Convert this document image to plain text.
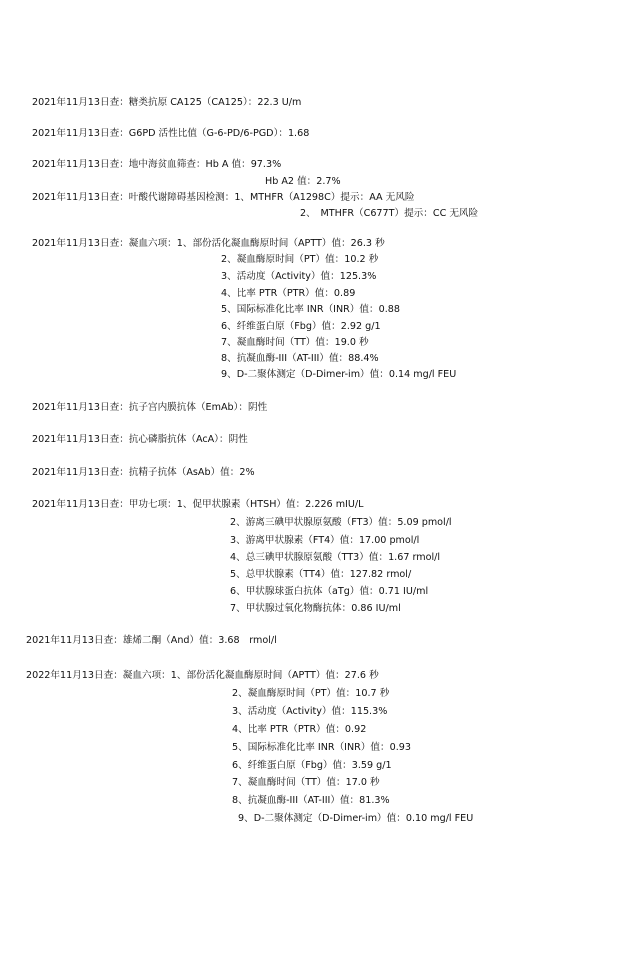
2021年11月13日查：糖类抗原 CA125（CA125）：22.3 U/m
2021年11月13日查：G6PD 活性比值（G-6-PD/6-PGD）：1.68
2021年11月13日查：地中海贫血筛查：Hb A 值：97.3%
Hb A2 值：2.7%
2021年11月13日查：叶酸代谢障碍基因检测：1、MTHFR（A1298C）提示：AA 无风险
2、　MTHFR（C677T）提示：CC 无风险
2021年11月13日查：凝血六项：1、部份活化凝血酶原时间（APTT）值：26.3 秒
2、凝血酶原时间（PT）值：10.2 秒
3、活动度（Activity）值：125.3%
4、比率 PTR（PTR）值：0.89
5、国际标准化比率 INR（INR）值：0.88
6、纤维蛋白原（Fbg）值：2.92 g/1
7、凝血酶时间（TT）值：19.0 秒
8、抗凝血酶-III（AT-III）值：88.4%
9、D-二聚体测定（D-Dimer-im）值：0.14 mg/l FEU
2021年11月13日查：抗子宫内膜抗体（EmAb）：阴性
2021年11月13日查：抗心磷脂抗体（AcA）：阴性
2021年11月13日查：抗精子抗体（AsAb）值：2%
2021年11月13日查：甲功七项：1、促甲状腺素（HTSH）值：2.226 mIU/L
2、游离三碘甲状腺原氨酸（FT3）值：5.09 pmol/l
3、游离甲状腺素（FT4）值：17.00 pmol/l
4、总三碘甲状腺原氨酸（TT3）值：1.67 rmol/l
5、总甲状腺素（TT4）值：127.82 rmol/
6、甲状腺球蛋白抗体（aTg）值：0.71 IU/ml
7、甲状腺过氧化物酶抗体：0.86 IU/ml
2021年11月13日查：雄烯二酮（And）值：3.68　rmol/l
2022年11月13日查：凝血六项：1、部份活化凝血酶原时间（APTT）值：27.6 秒
2、凝血酶原时间（PT）值：10.7 秒
3、活动度（Activity）值：115.3%
4、比率 PTR（PTR）值：0.92
5、国际标准化比率 INR（INR）值：0.93
6、纤维蛋白原（Fbg）值：3.59 g/1
7、凝血酶时间（TT）值：17.0 秒
8、抗凝血酶-III（AT-III）值：81.3%
9、D-二聚体测定（D-Dimer-im）值：0.10 mg/l FEU
